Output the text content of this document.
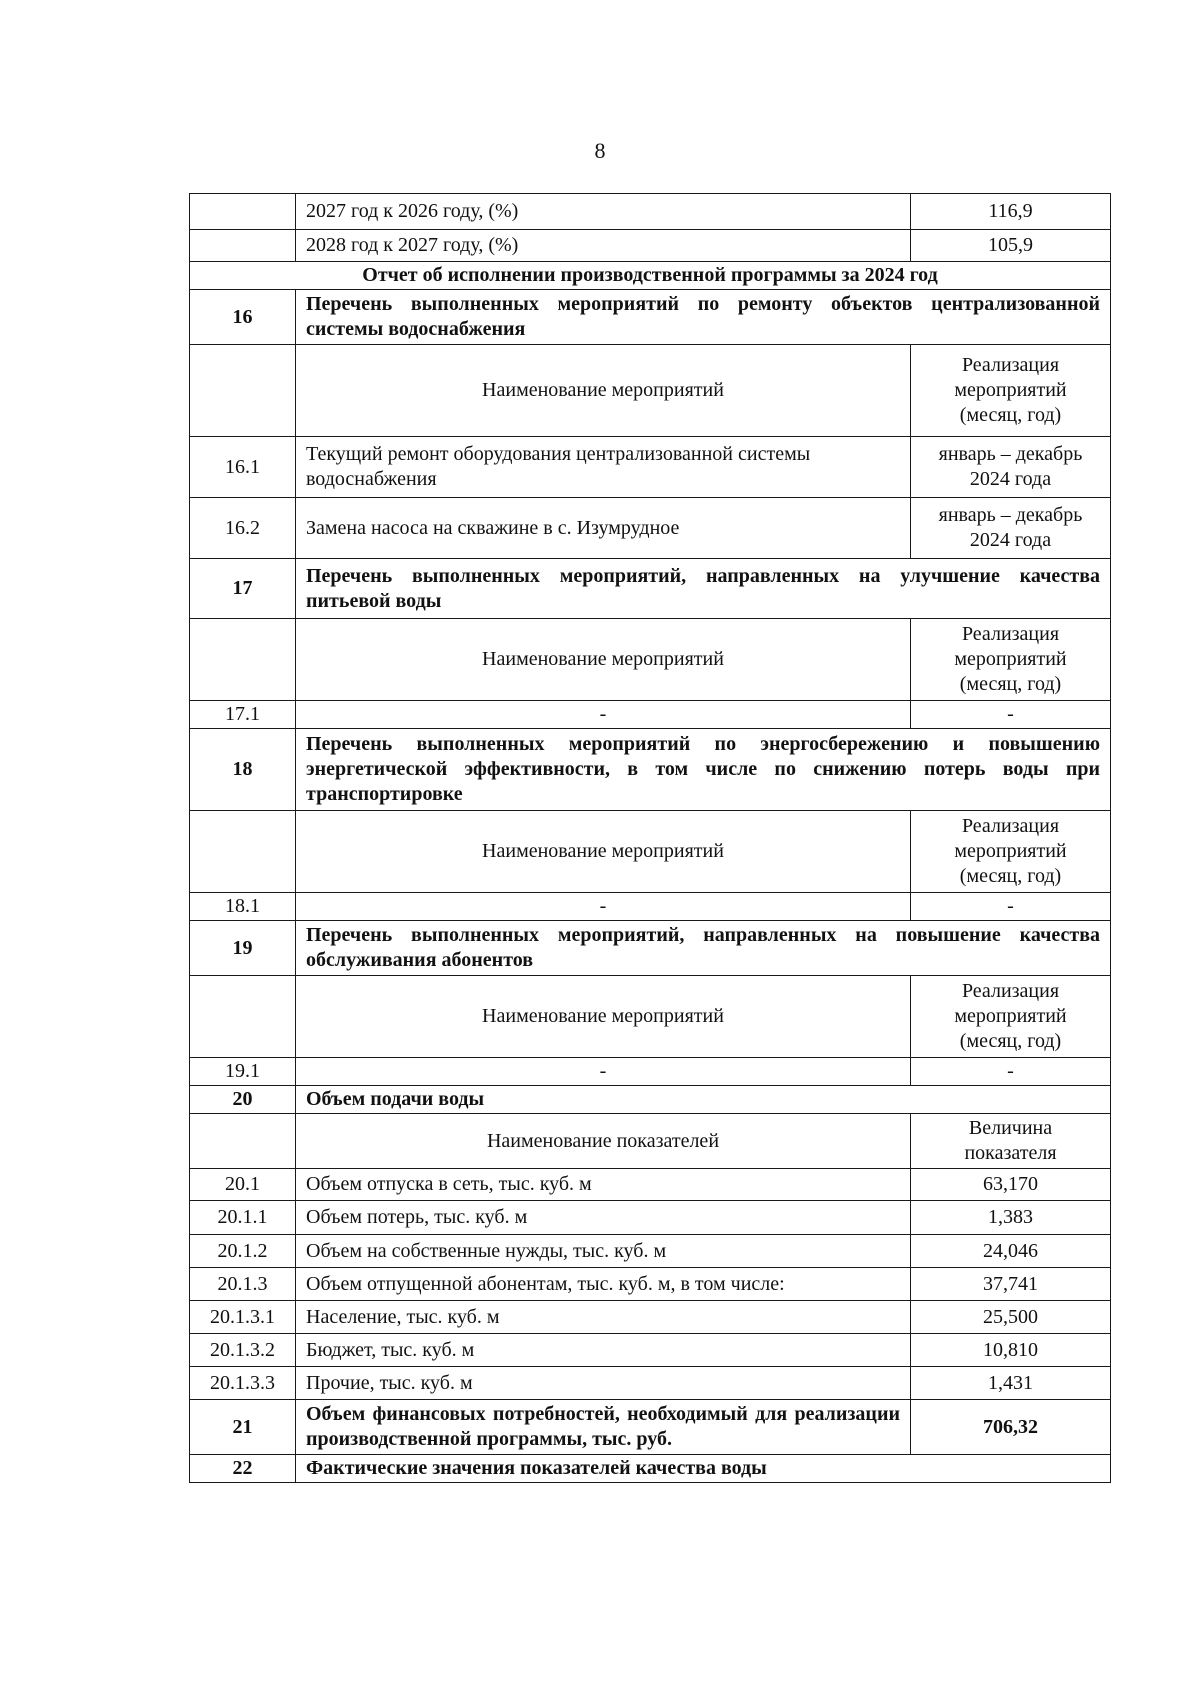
8
	2027 год к 2026 году, (%)	116,9
	2028 год к 2027 году, (%)	105,9
Отчет об исполнении производственной программы за 2024 год		
16	Перечень выполненных мероприятий по ремонту объектов централизованной системы водоснабжения	
	Наименование мероприятий	Реализация мероприятий (месяц, год)
16.1	Текущий ремонт оборудования централизованной системы водоснабжения	январь – декабрь 2024 года
16.2	Замена насоса на скважине в с. Изумрудное	январь – декабрь 2024 года
17	Перечень выполненных мероприятий, направленных на улучшение качества питьевой воды	
	Наименование мероприятий	Реализация мероприятий (месяц, год)
17.1	-	-
18	Перечень выполненных мероприятий по энергосбережению и повышению энергетической эффективности, в том числе по снижению потерь воды при транспортировке	
	Наименование мероприятий	Реализация мероприятий (месяц, год)
18.1	-	-
19	Перечень выполненных мероприятий, направленных на повышение качества обслуживания абонентов	
	Наименование мероприятий	Реализация мероприятий (месяц, год)
19.1	-	-
20	Объем подачи воды	
	Наименование показателей	Величина показателя
20.1	Объем отпуска в сеть, тыс. куб. м	63,170
20.1.1	Объем потерь, тыс. куб. м	1,383
20.1.2	Объем на собственные нужды, тыс. куб. м	24,046
20.1.3	Объем отпущенной абонентам, тыс. куб. м, в том числе:	37,741
20.1.3.1	Население, тыс. куб. м	25,500
20.1.3.2	Бюджет, тыс. куб. м	10,810
20.1.3.3	Прочие, тыс. куб. м	1,431
21	Объем финансовых потребностей, необходимый для реализации производственной программы, тыс. руб.	706,32
22	Фактические значения показателей качества воды	
